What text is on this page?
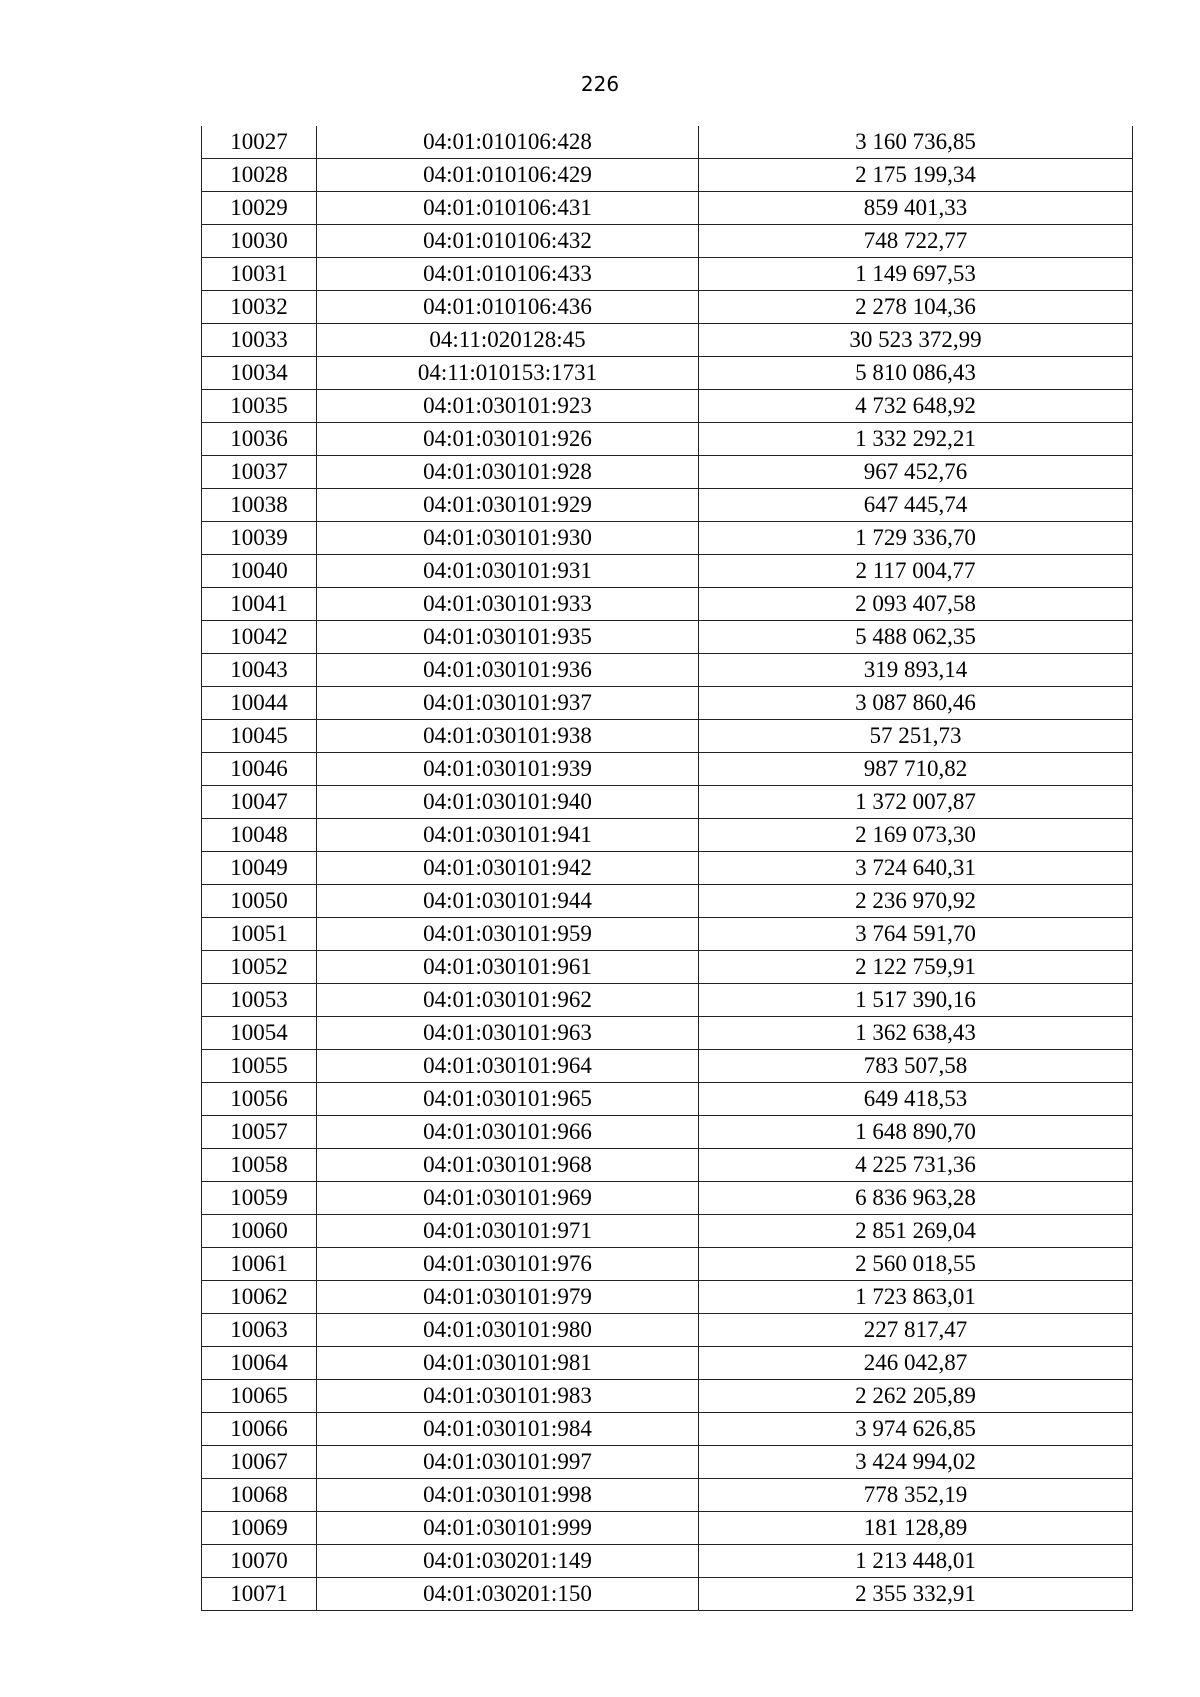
226
10027	04:01:010106:428	3 160 736,85
10028	04:01:010106:429	2 175 199,34
10029	04:01:010106:431	859 401,33
10030	04:01:010106:432	748 722,77
10031	04:01:010106:433	1 149 697,53
10032	04:01:010106:436	2 278 104,36
10033	04:11:020128:45	30 523 372,99
10034	04:11:010153:1731	5 810 086,43
10035	04:01:030101:923	4 732 648,92
10036	04:01:030101:926	1 332 292,21
10037	04:01:030101:928	967 452,76
10038	04:01:030101:929	647 445,74
10039	04:01:030101:930	1 729 336,70
10040	04:01:030101:931	2 117 004,77
10041	04:01:030101:933	2 093 407,58
10042	04:01:030101:935	5 488 062,35
10043	04:01:030101:936	319 893,14
10044	04:01:030101:937	3 087 860,46
10045	04:01:030101:938	57 251,73
10046	04:01:030101:939	987 710,82
10047	04:01:030101:940	1 372 007,87
10048	04:01:030101:941	2 169 073,30
10049	04:01:030101:942	3 724 640,31
10050	04:01:030101:944	2 236 970,92
10051	04:01:030101:959	3 764 591,70
10052	04:01:030101:961	2 122 759,91
10053	04:01:030101:962	1 517 390,16
10054	04:01:030101:963	1 362 638,43
10055	04:01:030101:964	783 507,58
10056	04:01:030101:965	649 418,53
10057	04:01:030101:966	1 648 890,70
10058	04:01:030101:968	4 225 731,36
10059	04:01:030101:969	6 836 963,28
10060	04:01:030101:971	2 851 269,04
10061	04:01:030101:976	2 560 018,55
10062	04:01:030101:979	1 723 863,01
10063	04:01:030101:980	227 817,47
10064	04:01:030101:981	246 042,87
10065	04:01:030101:983	2 262 205,89
10066	04:01:030101:984	3 974 626,85
10067	04:01:030101:997	3 424 994,02
10068	04:01:030101:998	778 352,19
10069	04:01:030101:999	181 128,89
10070	04:01:030201:149	1 213 448,01
10071	04:01:030201:150	2 355 332,91
